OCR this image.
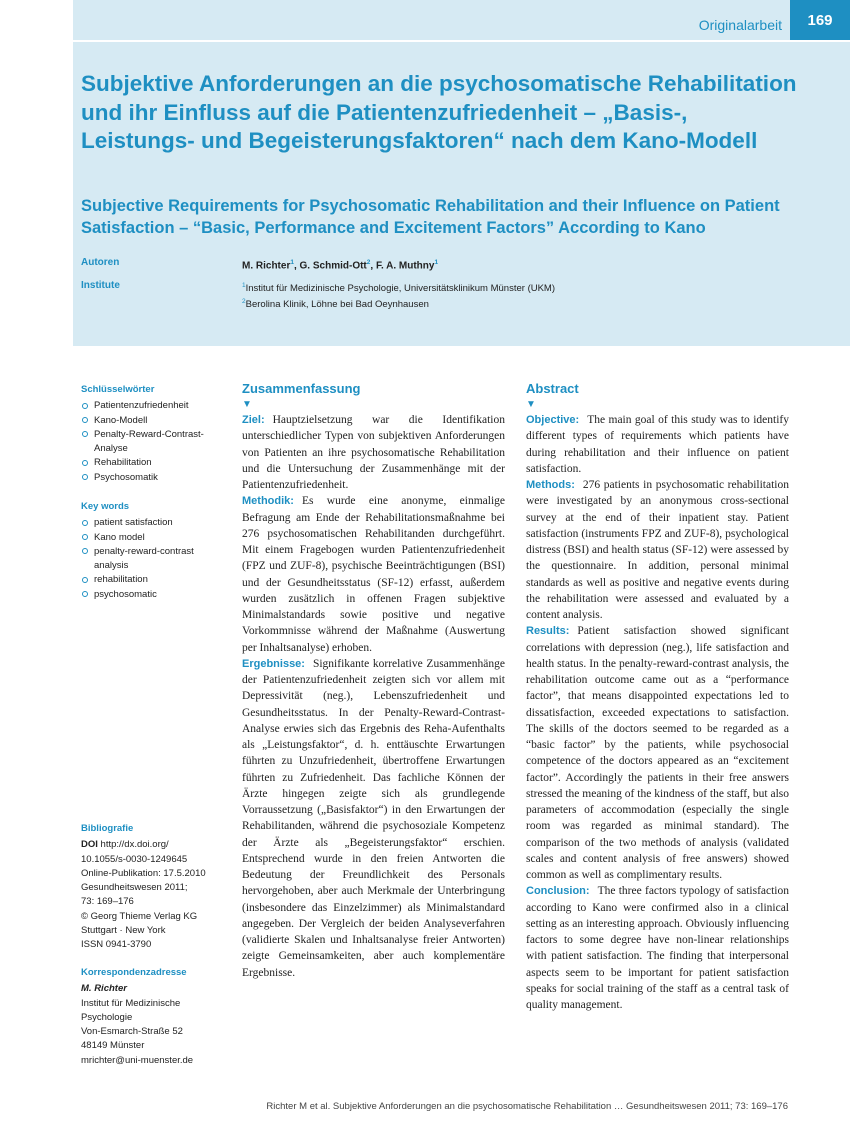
Originalarbeit	169
Subjektive Anforderungen an die psychosomatische Rehabilitation und ihr Einfluss auf die Patientenzufriedenheit – „Basis-, Leistungs- und Begeisterungsfaktoren“ nach dem Kano-Modell
Subjective Requirements for Psychosomatic Rehabilitation and their Influence on Patient Satisfaction – “Basic, Performance and Excitement Factors” According to Kano
Autoren	M. Richter$^1$, G. Schmid-Ott$^2$, F. A. Muthny$^1$
Institute	$^1$Institut für Medizinische Psychologie, Universitätsklinikum Münster (UKM)
$^2$Berolina Klinik, Löhne bei Bad Oeynhausen
Schlüsselwörter
Patientenzufriedenheit
Kano-Modell
Penalty-Reward-Contrast-Analyse
Rehabilitation
Psychosomatik
Key words
patient satisfaction
Kano model
penalty-reward-contrast analysis
rehabilitation
psychosomatic
Bibliografie
DOI http://dx.doi.org/
10.1055/s-0030-1249645
Online-Publikation: 17.5.2010
Gesundheitswesen 2011;
73: 169–176
© Georg Thieme Verlag KG
Stuttgart · New York
ISSN 0941-3790
Korrespondenzadresse
M. Richter
Institut für Medizinische
Psychologie
Von-Esmarch-Straße 52
48149 Münster
mrichter@uni-muenster.de
Zusammenfassung
▼

Ziel: Hauptzielsetzung war die Identifikation unterschiedlicher Typen von subjektiven Anforderungen von Patienten an ihre psychosomatische Rehabilitation und die Untersuchung der Zusammenhänge mit der Patientenzufriedenheit.

Methodik: Es wurde eine anonyme, einmalige Befragung am Ende der Rehabilitationsmaßnahme bei 276 psychosomatischen Rehabilitanden durchgeführt. Mit einem Fragebogen wurden Patientenzufriedenheit (FPZ und ZUF-8), psychische Beeinträchtigungen (BSI) und der Gesundheitsstatus (SF-12) erfasst, außerdem wurden zusätzlich in offenen Fragen subjektive Minimalstandards sowie positive und negative Vorkommnisse während der Maßnahme (Auswertung per Inhaltsanalyse) erhoben.

Ergebnisse: Signifikante korrelative Zusammenhänge der Patientenzufriedenheit zeigten sich vor allem mit Depressivität (neg.), Lebenszufriedenheit und Gesundheitsstatus. In der Penalty-Reward-Contrast-Analyse erwies sich das Ergebnis des Reha-Aufenthalts als „Leistungsfaktor“, d. h. enttäuschte Erwartungen führten zu Unzufriedenheit, übertroffene Erwartungen führten zu Zufriedenheit. Das fachliche Können der Ärzte hingegen zeigte sich als grundlegende Vorraussetzung („Basisfaktor“) in den Erwartungen der Rehabilitanden, während die psychosoziale Kompetenz der Ärzte als „Begeisterungsfaktor“ erschien. Entsprechend wurde in den freien Antworten die Bedeutung der Freundlichkeit des Personals hervorgehoben, aber auch Merkmale der Unterbringung (insbesondere das Einzelzimmer) als Minimalstandard angegeben. Der Vergleich der beiden Analyseverfahren (validierte Skalen und Inhaltsanalyse freier Antworten) zeigte Gemeinsamkeiten, aber auch komplementäre Ergebnisse.

Abstract
▼

Objective: The main goal of this study was to identify different types of requirements which patients have during rehabilitation and their influence on patient satisfaction.

Methods: 276 patients in psychosomatic rehabilitation were investigated by an anonymous cross-sectional survey at the end of their inpatient stay. Patient satisfaction (instruments FPZ and ZUF-8), psychological distress (BSI) and health status (SF-12) were assessed by the questionnaire. In addition, personal minimal standards as well as positive and negative events during the rehabilitation were assessed and evaluated by a content analysis.

Results: Patient satisfaction showed significant correlations with depression (neg.), life satisfaction and health status. In the penalty-reward-contrast analysis, the rehabilitation outcome came out as a “performance factor”, that means disappointed expectations led to dissatisfaction, exceeded expectations to satisfaction. The skills of the doctors seemed to be regarded as a “basic factor” by the patients, while psychosocial competence of the doctors appeared as an “excitement factor”. Accordingly the patients in their free answers stressed the meaning of the kindness of the staff, but also parameters of accommodation (especially the single room was regarded as minimal standard). The comparison of the two methods of analysis (validated scales and content analysis of free answers) showed common as well as complimentary results.

Conclusion: The three factors typology of satisfaction according to Kano were confirmed also in a clinical setting as an interesting approach. Obviously influencing factors to some degree have non-linear relationships with patient satisfaction. The finding that interpersonal aspects seem to be important for patient satisfaction speaks for social training of the staff as a central task of quality management.

Richter M et al. Subjektive Anforderungen an die psychosomatische Rehabilitation … Gesundheitswesen 2011; 73: 169–176
